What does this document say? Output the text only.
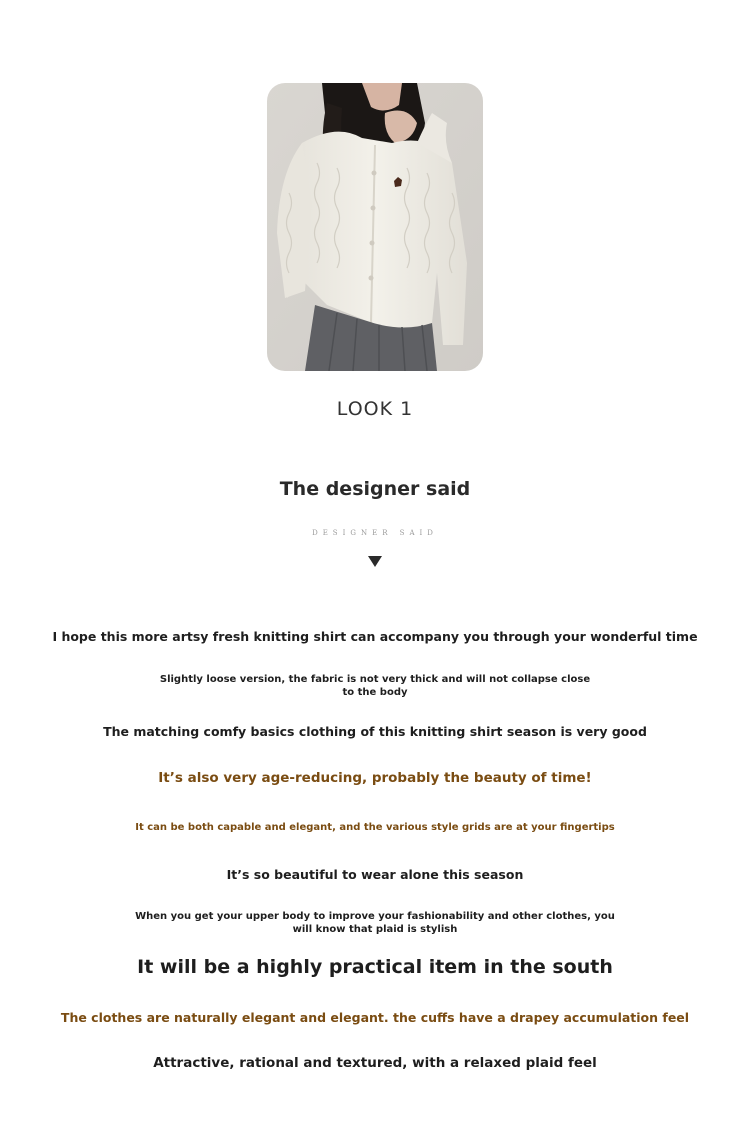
LOOK 1
The designer said
DESIGNER SAID
I hope this more artsy fresh knitting shirt can accompany you through your wonderful time
Slightly loose version, the fabric is not very thick and will not collapse close to the body
The matching comfy basics clothing of this knitting shirt season is very good
It’s also very age-reducing, probably the beauty of time!
It can be both capable and elegant, and the various style grids are at your fingertips
It’s so beautiful to wear alone this season
When you get your upper body to improve your fashionability and other clothes, you will know that plaid is stylish
It will be a highly practical item in the south
The clothes are naturally elegant and elegant. the cuffs have a drapey accumulation feel
Attractive, rational and textured, with a relaxed plaid feel
